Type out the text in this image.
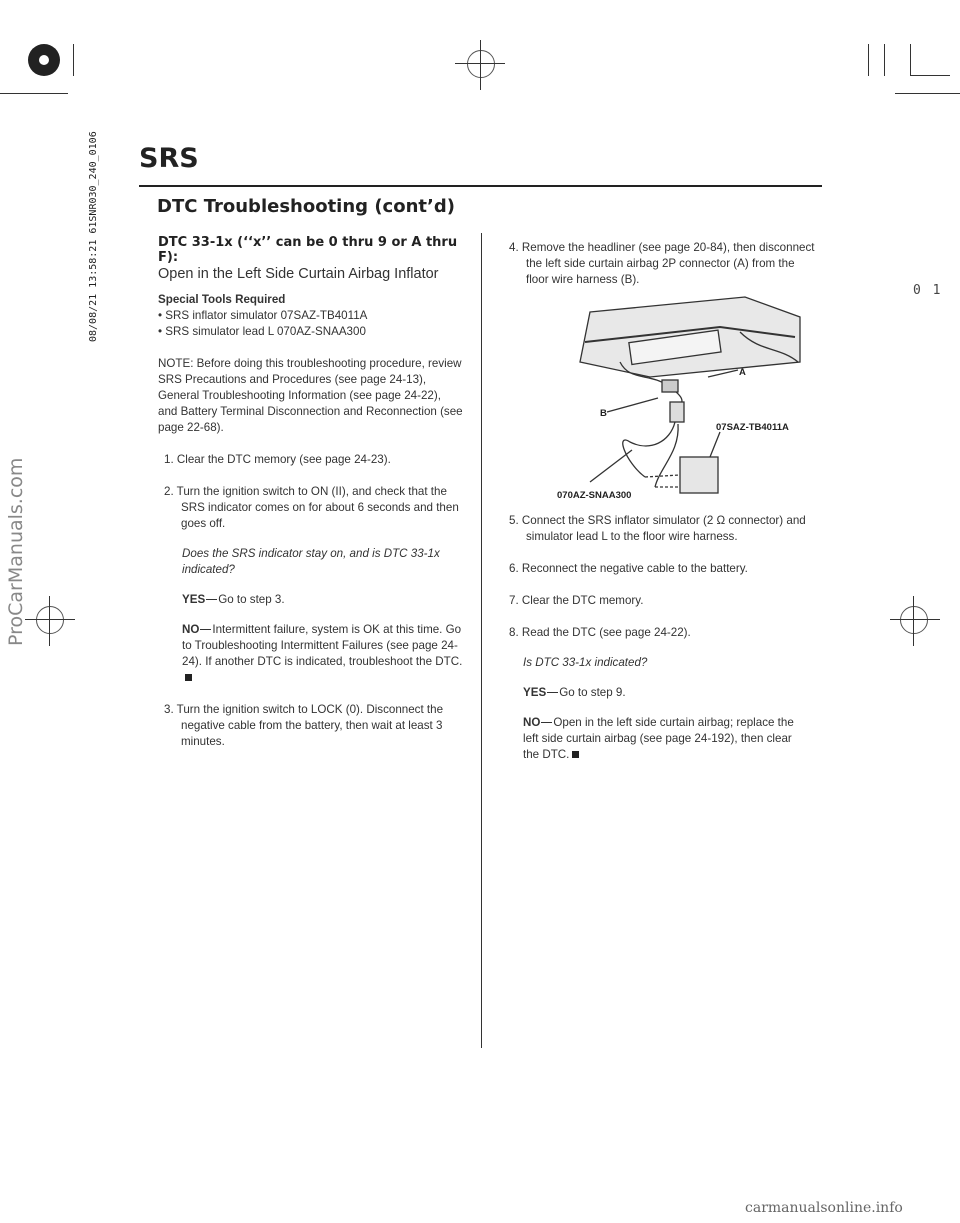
08/08/21 13:58:21 61SNR030_240_0106
ProCarManuals.com
0 1
SRS
DTC Troubleshooting (cont’d)
DTC 33-1x (‘‘x’’ can be 0 thru 9 or A thru F):
Open in the Left Side Curtain Airbag Inflator
Special Tools Required
• SRS inflator simulator 07SAZ-TB4011A
• SRS simulator lead L 070AZ-SNAA300
NOTE: Before doing this troubleshooting procedure, review SRS Precautions and Procedures (see page 24-13), General Troubleshooting Information (see page 24-22), and Battery Terminal Disconnection and Reconnection (see page 22-68).
1. Clear the DTC memory (see page 24-23).
2. Turn the ignition switch to ON (II), and check that the SRS indicator comes on for about 6 seconds and then goes off.
Does the SRS indicator stay on, and is DTC 33-1x indicated?
YES Go to step 3.
NO Intermittent failure, system is OK at this time. Go to Troubleshooting Intermittent Failures (see page 24-24). If another DTC is indicated, troubleshoot the DTC.
3. Turn the ignition switch to LOCK (0). Disconnect the negative cable from the battery, then wait at least 3 minutes.
4. Remove the headliner (see page 20-84), then disconnect the left side curtain airbag 2P connector (A) from the floor wire harness (B).
A
B
07SAZ-TB4011A
070AZ-SNAA300
5. Connect the SRS inflator simulator (2 Ω connector) and simulator lead L to the floor wire harness.
6. Reconnect the negative cable to the battery.
7. Clear the DTC memory.
8. Read the DTC (see page 24-22).
Is DTC 33-1x indicated?
YES Go to step 9.
NO Open in the left side curtain airbag; replace the left side curtain airbag (see page 24-192), then clear the DTC.
carmanualsonline.info
